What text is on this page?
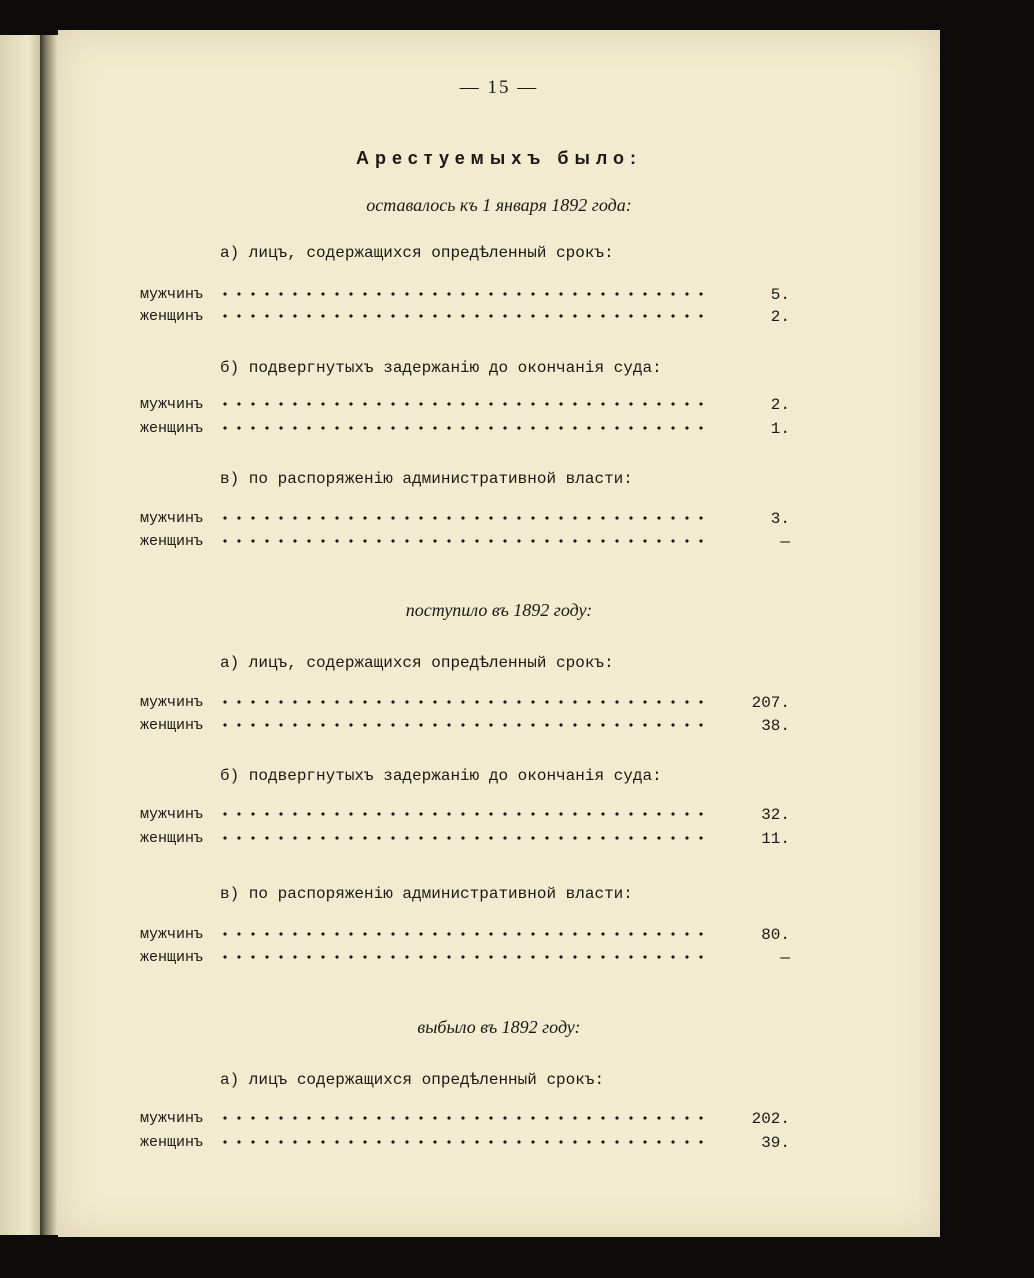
— 15 —
Арестуемыхъ было:
оставалось къ 1 января 1892 года:
а) лицъ, содержащихся опредѣленный срокъ:
мужчинъ	5.
женщинъ	2.
б) подвергнутыхъ задержанію до окончанія суда:
мужчинъ	2.
женщинъ	1.
в) по распоряженію административной власти:
мужчинъ	3.
женщинъ	—
поступило въ 1892 году:
а) лицъ, содержащихся опредѣленный срокъ:
мужчинъ	207.
женщинъ	38.
б) подвергнутыхъ задержанію до окончанія суда:
мужчинъ	32.
женщинъ	11.
в) по распоряженію административной власти:
мужчинъ	80.
женщинъ	—
выбыло въ 1892 году:
а) лицъ содержащихся опредѣленный срокъ:
мужчинъ	202.
женщинъ	39.
